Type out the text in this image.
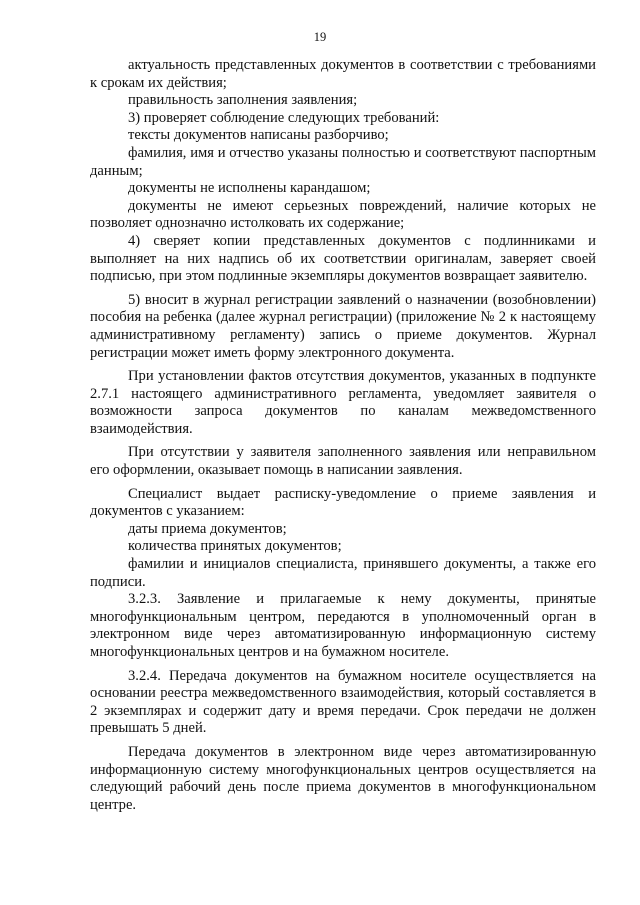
19

актуальность представленных документов в соответствии с требованиями к срокам их действия;

правильность заполнения заявления;

3) проверяет соблюдение следующих требований:

тексты документов написаны разборчиво;

фамилия, имя и отчество указаны полностью и соответствуют паспортным данным;

документы не исполнены карандашом;

документы не имеют серьезных повреждений, наличие которых не позволяет однозначно истолковать их содержание;

4) сверяет копии представленных документов с подлинниками и выполняет на них надпись об их соответствии оригиналам, заверяет своей подписью, при этом подлинные экземпляры документов возвращает заявителю.

5) вносит в журнал регистрации заявлений о назначении (возобновлении) пособия на ребенка (далее журнал регистрации) (приложение № 2 к настоящему административному регламенту) запись о приеме документов. Журнал регистрации может иметь форму электронного документа.

При установлении фактов отсутствия документов, указанных в подпункте 2.7.1 настоящего административного регламента, уведомляет заявителя о возможности запроса документов по каналам межведомственного взаимодействия.

При отсутствии у заявителя заполненного заявления или неправильном его оформлении, оказывает помощь в написании заявления.

Специалист выдает расписку-уведомление о приеме заявления и документов с указанием:

даты приема документов;

количества принятых документов;

фамилии и инициалов специалиста, принявшего документы, а также его подписи.

3.2.3. Заявление и прилагаемые к нему документы, принятые многофункциональным центром, передаются в уполномоченный орган в электронном виде через автоматизированную информационную систему многофункциональных центров и на бумажном носителе.

3.2.4. Передача документов на бумажном носителе осуществляется на основании реестра межведомственного взаимодействия, который составляется в 2 экземплярах и содержит дату и время передачи. Срок передачи не должен превышать 5 дней.

Передача документов в электронном виде через автоматизированную информационную систему многофункциональных центров осуществляется на следующий рабочий день после приема документов в многофункциональном центре.
